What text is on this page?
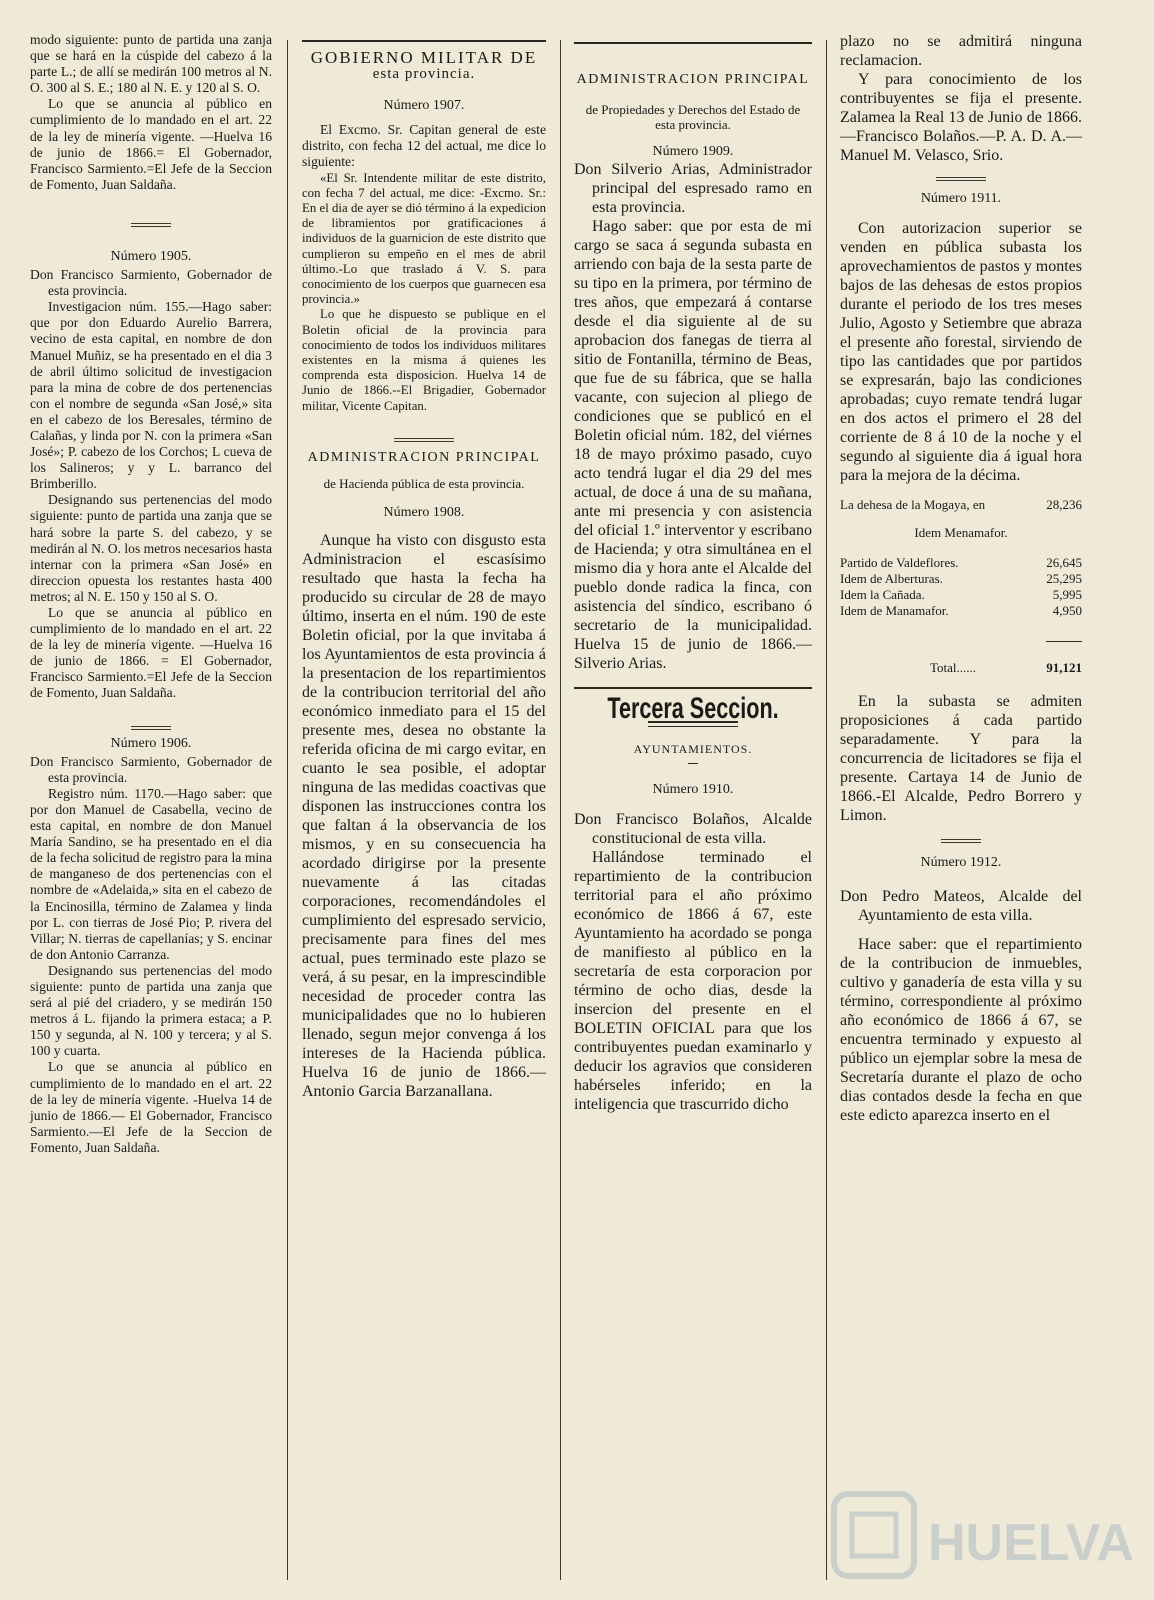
modo siguiente: punto de partida una zanja que se hará en la cúspide del cabezo á la parte L.; de allí se medirán 100 metros al N. O. 300 al S. E.; 180 al N. E. y 120 al S. O.

Lo que se anuncia al público en cumplimiento de lo mandado en el art. 22 de la ley de minería vigente. —Huelva 16 de junio de 1866.= El Gobernador, Francisco Sarmiento.=El Jefe de la Seccion de Fomento, Juan Saldaña.

Número 1905.

Don Francisco Sarmiento, Gobernador de esta provincia.

Investigacion núm. 155.—Hago saber: que por don Eduardo Aurelio Barrera, vecino de esta capital, en nombre de don Manuel Muñiz, se ha presentado en el dia 3 de abril último solicitud de investigacion para la mina de cobre de dos pertenencias con el nombre de segunda «San José,» sita en el cabezo de los Beresales, término de Calañas, y linda por N. con la primera «San José»; P. cabezo de los Corchos; L cueva de los Salineros; y y L. barranco del Brimberillo.

Designando sus pertenencias del modo siguiente: punto de partida una zanja que se hará sobre la parte S. del cabezo, y se medirán al N. O. los metros necesarios hasta internar con la primera «San José» en direccion opuesta los restantes hasta 400 metros; al N. E. 150 y 150 al S. O.

Lo que se anuncia al público en cumplimiento de lo mandado en el art. 22 de la ley de minería vigente. —Huelva 16 de junio de 1866. = El Gobernador, Francisco Sarmiento.=El Jefe de la Seccion de Fomento, Juan Saldaña.

Número 1906.

Don Francisco Sarmiento, Gobernador de esta provincia.

Registro núm. 1170.—Hago saber: que por don Manuel de Casabella, vecino de esta capital, en nombre de don Manuel María Sandino, se ha presentado en el dia de la fecha solicitud de registro para la mina de manganeso de dos pertenencias con el nombre de «Adelaida,» sita en el cabezo de la Encinosilla, término de Zalamea y linda por L. con tierras de José Pio; P. rivera del Villar; N. tierras de capellanías; y S. encinar de don Antonio Carranza.

Designando sus pertenencias del modo siguiente: punto de partida una zanja que será al pié del criadero, y se medirán 150 metros á L. fijando la primera estaca; a P. 150 y segunda, al N. 100 y tercera; y al S. 100 y cuarta.

Lo que se anuncia al público en cumplimiento de lo mandado en el art. 22 de la ley de minería vigente. -Huelva 14 de junio de 1866.— El Gobernador, Francisco Sarmiento.—El Jefe de la Seccion de Fomento, Juan Saldaña.

GOBIERNO MILITAR DE

esta provincia.

Número 1907.

El Excmo. Sr. Capitan general de este distrito, con fecha 12 del actual, me dice lo siguiente:

«El Sr. Intendente militar de este distrito, con fecha 7 del actual, me dice: -Excmo. Sr.: En el dia de ayer se dió término á la expedicion de libramientos por gratificaciones á individuos de la guarnicion de este distrito que cumplieron su empeño en el mes de abril último.-Lo que traslado á V. S. para conocimiento de los cuerpos que guarnecen esa provincia.»

Lo que he dispuesto se publique en el Boletin oficial de la provincia para conocimiento de todos los individuos militares existentes en la misma á quienes les comprenda esta disposicion. Huelva 14 de Junio de 1866.--El Brigadier, Gobernador militar, Vicente Capitan.

ADMINISTRACION PRINCIPAL

de Hacienda pública de esta provincia.

Número 1908.

Aunque ha visto con disgusto esta Administracion el escasísimo resultado que hasta la fecha ha producido su circular de 28 de mayo último, inserta en el núm. 190 de este Boletin oficial, por la que invitaba á los Ayuntamientos de esta provincia á la presentacion de los repartimientos de la contribucion territorial del año económico inmediato para el 15 del presente mes, desea no obstante la referida oficina de mi cargo evitar, en cuanto le sea posible, el adoptar ninguna de las medidas coactivas que disponen las instrucciones contra los que faltan á la observancia de los mismos, y en su consecuencia ha acordado dirigirse por la presente nuevamente á las citadas corporaciones, recomendándoles el cumplimiento del espresado servicio, precisamente para fines del mes actual, pues terminado este plazo se verá, á su pesar, en la imprescindible necesidad de proceder contra las municipalidades que no lo hubieren llenado, segun mejor convenga á los intereses de la Hacienda pública. Huelva 16 de junio de 1866.—Antonio Garcia Barzanallana.

ADMINISTRACION PRINCIPAL

de Propiedades y Derechos del Estado de esta provincia.

Número 1909.

Don Silverio Arias, Administrador principal del espresado ramo en esta provincia.

Hago saber: que por esta de mi cargo se saca á segunda subasta en arriendo con baja de la sesta parte de su tipo en la primera, por término de tres años, que empezará á contarse desde el dia siguiente al de su aprobacion dos fanegas de tierra al sitio de Fontanilla, término de Beas, que fue de su fábrica, que se halla vacante, con sujecion al pliego de condiciones que se publicó en el Boletin oficial núm. 182, del viérnes 18 de mayo próximo pasado, cuyo acto tendrá lugar el dia 29 del mes actual, de doce á una de su mañana, ante mi presencia y con asistencia del oficial 1.º interventor y escribano de Hacienda; y otra simultánea en el mismo dia y hora ante el Alcalde del pueblo donde radica la finca, con asistencia del síndico, escribano ó secretario de la municipalidad. Huelva 15 de junio de 1866.—Silverio Arias.

Tercera Seccion.

AYUNTAMIENTOS.

Número 1910.

Don Francisco Bolaños, Alcalde constitucional de esta villa.

Hallándose terminado el repartimiento de la contribucion territorial para el año próximo económico de 1866 á 67, este Ayuntamiento ha acordado se ponga de manifiesto al público en la secretaría de esta corporacion por término de ocho dias, desde la insercion del presente en el BOLETIN OFICIAL para que los contribuyentes puedan examinarlo y deducir los agravios que consideren habérseles inferido; en la inteligencia que trascurrido dicho

plazo no se admitirá ninguna reclamacion.

Y para conocimiento de los contribuyentes se fija el presente. Zalamea la Real 13 de Junio de 1866.—Francisco Bolaños.—P. A. D. A.— Manuel M. Velasco, Srio.

Número 1911.

Con autorizacion superior se venden en pública subasta los aprovechamientos de pastos y montes bajos de las dehesas de estos propios durante el periodo de los tres meses Julio, Agosto y Setiembre que abraza el presente año forestal, sirviendo de tipo las cantidades que por partidos se expresarán, bajo las condiciones aprobadas; cuyo remate tendrá lugar en dos actos el primero el 28 del corriente de 8 á 10 de la noche y el segundo al siguiente dia á igual hora para la mejora de la décima.

La dehesa de la Mogaya, en	28,236

Idem Menamafor.

Partido de Valdeflores.	26,645
Idem de Alberturas.	25,295
Idem la Cañada.	5,995
Idem de Manamafor.	4,950
Total......	91,121

En la subasta se admiten proposiciones á cada partido separadamente. Y para la concurrencia de licitadores se fija el presente. Cartaya 14 de Junio de 1866.-El Alcalde, Pedro Borrero y Limon.

Número 1912.

Don Pedro Mateos, Alcalde del Ayuntamiento de esta villa.

Hace saber: que el repartimiento de la contribucion de inmuebles, cultivo y ganadería de esta villa y su término, correspondiente al próximo año económico de 1866 á 67, se encuentra terminado y expuesto al público un ejemplar sobre la mesa de Secretaría durante el plazo de ocho dias contados desde la fecha en que este edicto aparezca inserto en el

HUELVA
